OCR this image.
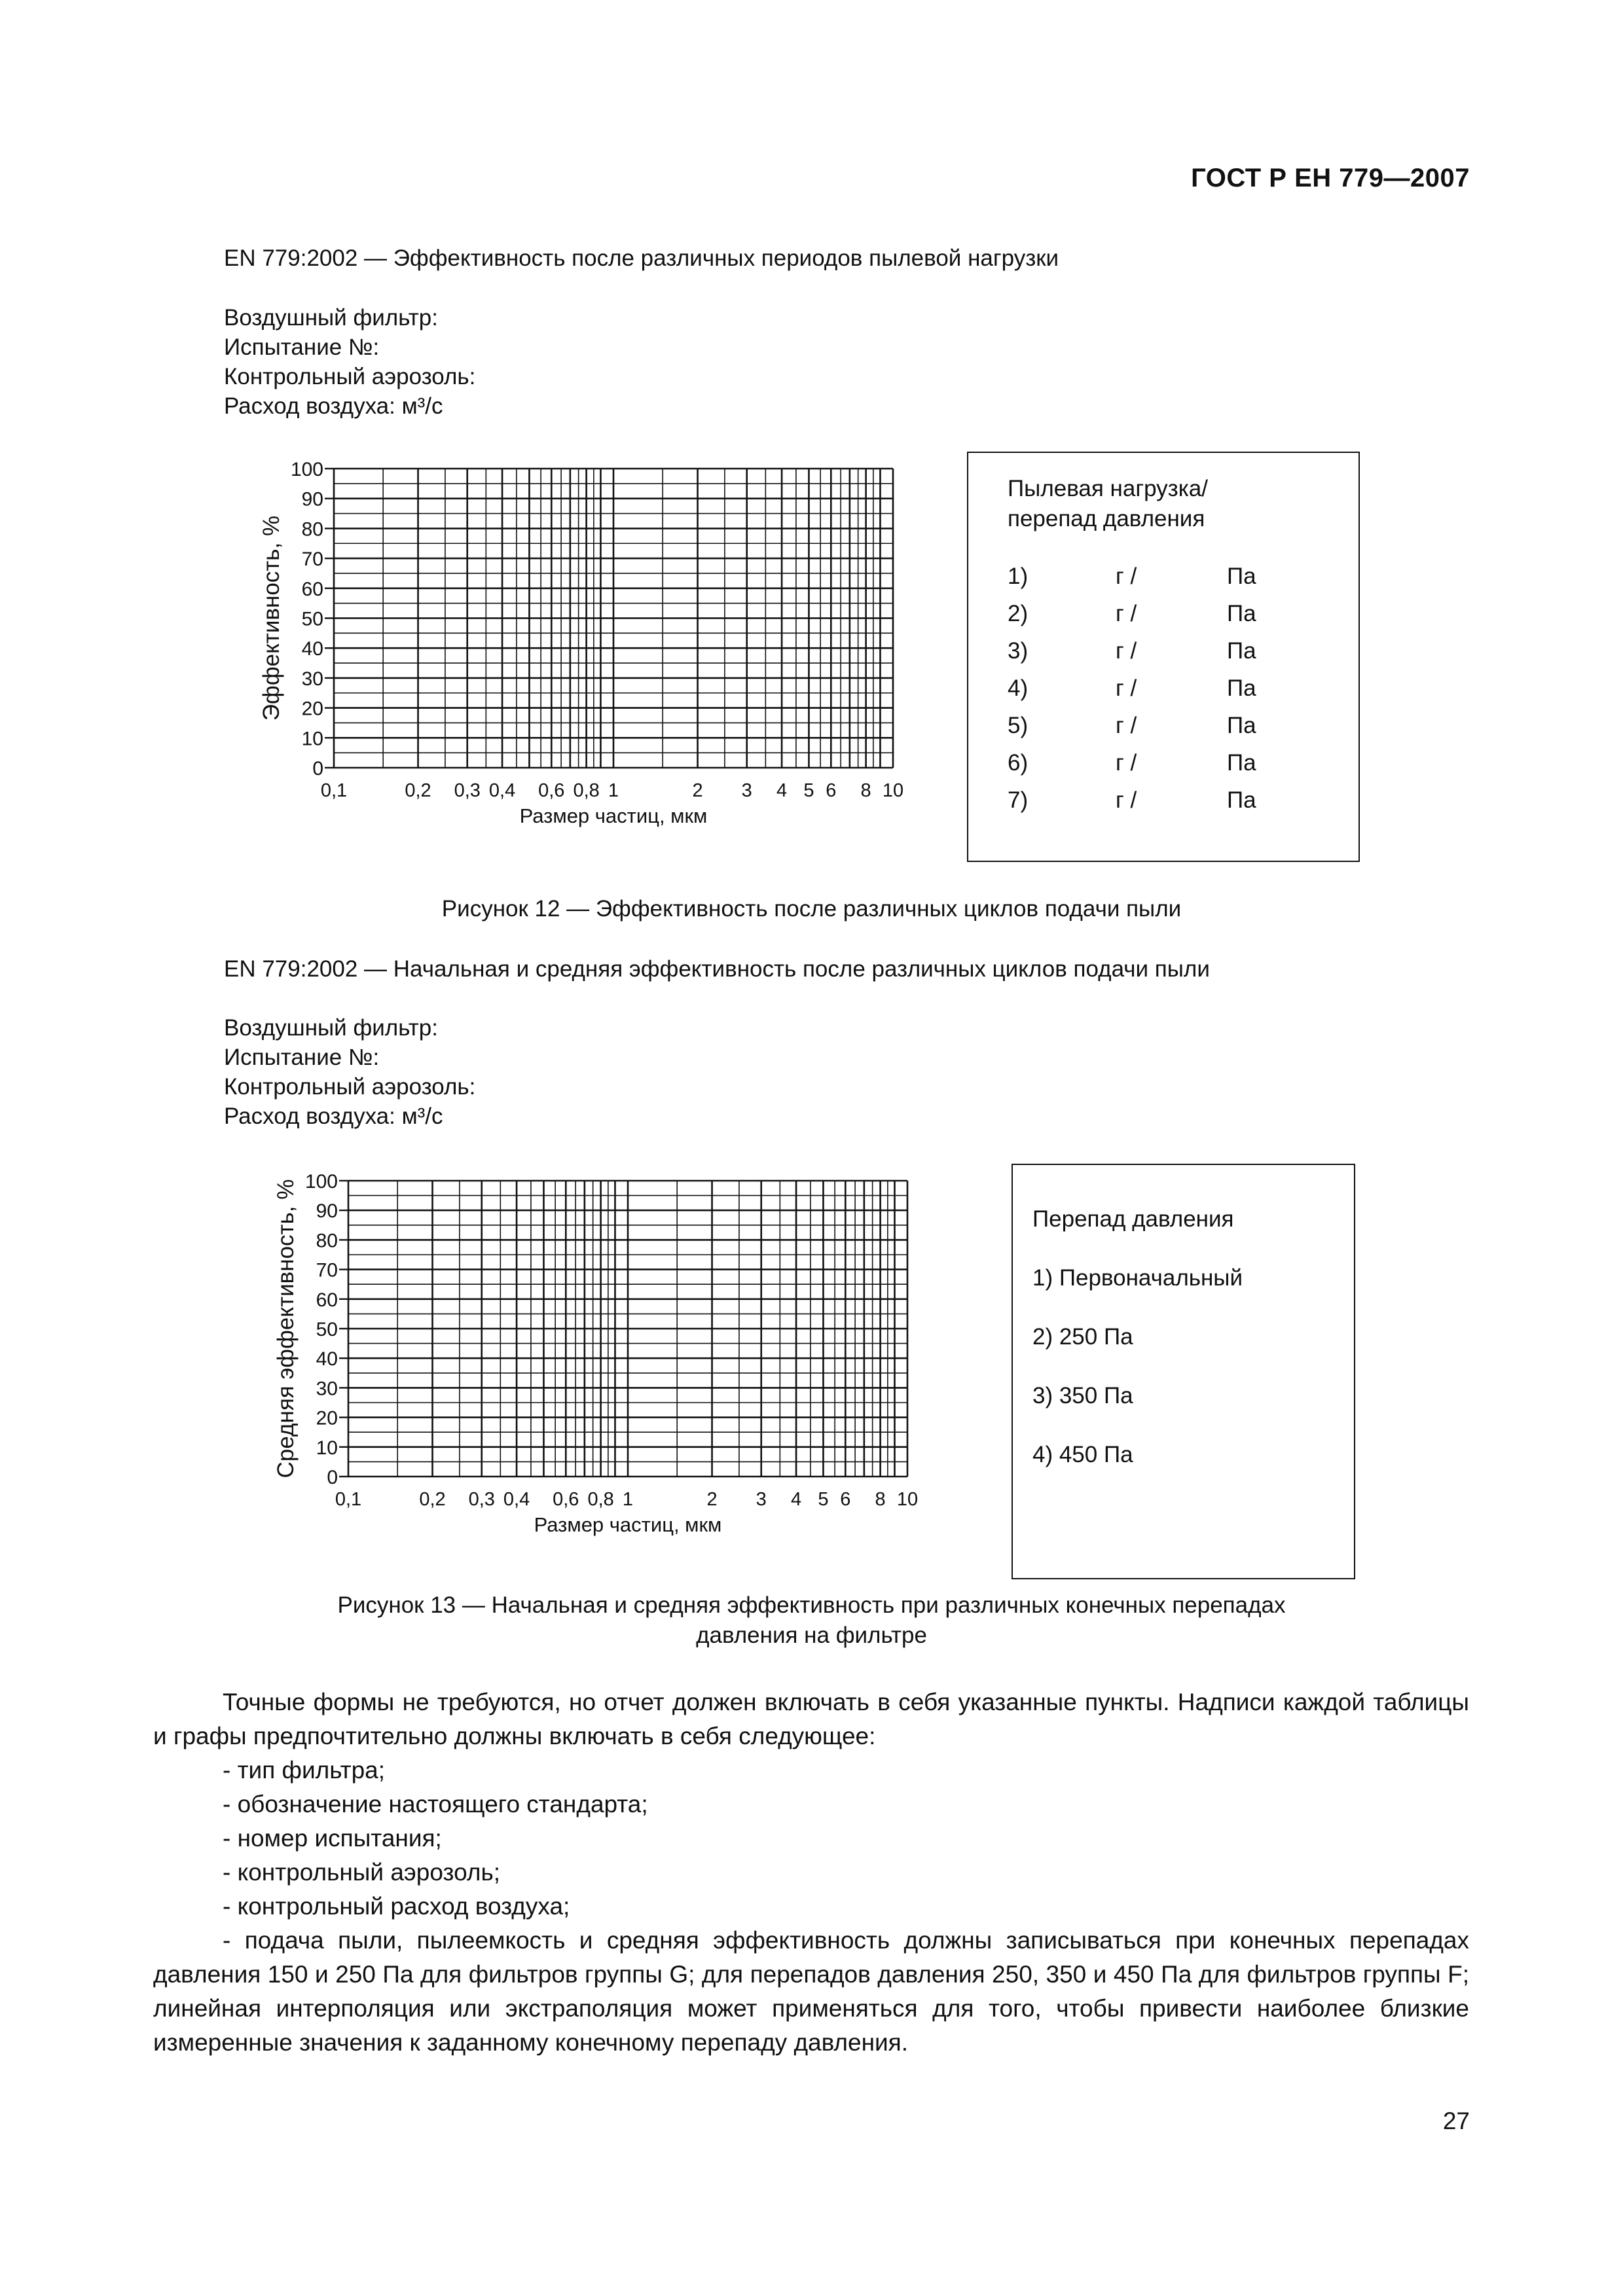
ГОСТ Р ЕН 779—2007
EN 779:2002 — Эффективность после различных периодов пылевой нагрузки
Воздушный фильтр:
Испытание №:
Контрольный аэрозоль:
Расход воздуха: м³/с
0
10
20
30
40
50
60
70
80
90
100
0,1	0,2 0,3 0,4 0,6 0,8 1	2 3 4 5 6 8 10
Размер частиц, мкм
Эффективность, %
Пылевая нагрузка/
перепад давления
1)	г /	Па
2)	г /	Па
3)	г /	Па
4)	г /	Па
5)	г /	Па
6)	г /	Па
7)	г /	Па
Рисунок 12 — Эффективность после различных циклов подачи пыли
EN 779:2002 — Начальная и средняя эффективность после различных циклов подачи пыли
Воздушный фильтр:
Испытание №:
Контрольный аэрозоль:
Расход воздуха: м³/с
0
10
20
30
40
50
60
70
80
90
100
0,1	0,2 0,3 0,4 0,6 0,8 1	2 3 4 5 6 8 10
Размер частиц, мкм
Средняя эффективность, %	Перепад давления
1) Первоначальный
2) 250 Па
3) 350 Па
4) 450 Па
Рисунок 13 — Начальная и средняя эффективность при различных конечных перепадах
давления на фильтре

Точные формы не требуются, но отчет должен включать в себя указанные пункты. Надписи каждой таблицы и графы предпочтительно должны включать в себя следующее:

- тип фильтра;

- обозначение настоящего стандарта;

- номер испытания;

- контрольный аэрозоль;

- контрольный расход воздуха;

- подача пыли, пылеемкость и средняя эффективность должны записываться при конечных перепадах давления 150 и 250 Па для фильтров группы G; для перепадов давления 250, 350 и 450 Па для фильтров группы F; линейная интерполяция или экстраполяция может применяться для того, чтобы привести наиболее близкие измеренные значения к заданному конечному перепаду давления.

27
